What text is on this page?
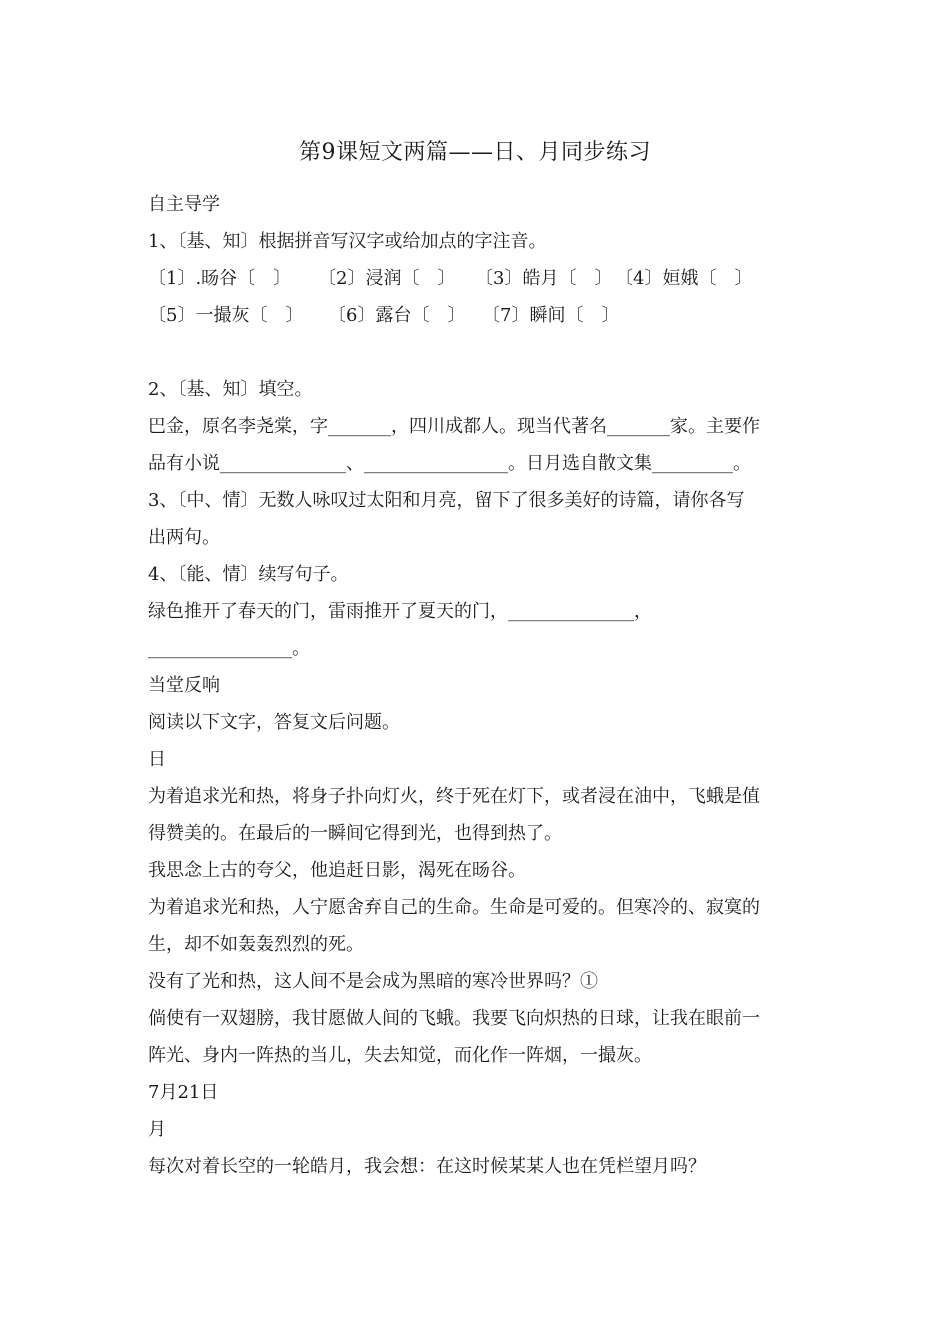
第9课短文两篇——日、月同步练习
自主导学
1、〔基、知〕根据拼音写汉字或给加点的字注音。
〔1〕.旸谷〔　〕 〔2〕浸润〔　〕 〔3〕皓月〔　〕 〔4〕姮娥〔　〕
〔5〕一撮灰〔　〕 〔6〕露台〔　〕 〔7〕瞬间〔　〕
2、〔基、知〕填空。
巴金，原名李尧棠，字_______，四川成都人。现当代著名_______家。主要作
品有小说______________、________________。日月选自散文集_________。
3、〔中、情〕无数人咏叹过太阳和月亮，留下了很多美好的诗篇，请你各写
出两句。
4、〔能、情〕续写句子。
绿色推开了春天的门，雷雨推开了夏天的门，______________，
________________。
当堂反响
阅读以下文字，答复文后问题。
日
为着追求光和热，将身子扑向灯火，终于死在灯下，或者浸在油中，飞蛾是值
得赞美的。在最后的一瞬间它得到光，也得到热了。
我思念上古的夸父，他追赶日影，渴死在旸谷。
为着追求光和热，人宁愿舍弃自己的生命。生命是可爱的。但寒冷的、寂寞的
生，却不如轰轰烈烈的死。
没有了光和热，这人间不是会成为黑暗的寒冷世界吗？①
倘使有一双翅膀，我甘愿做人间的飞蛾。我要飞向炽热的日球，让我在眼前一
阵光、身内一阵热的当儿，失去知觉，而化作一阵烟，一撮灰。
7月21日
月
每次对着长空的一轮皓月，我会想：在这时候某某人也在凭栏望月吗？
